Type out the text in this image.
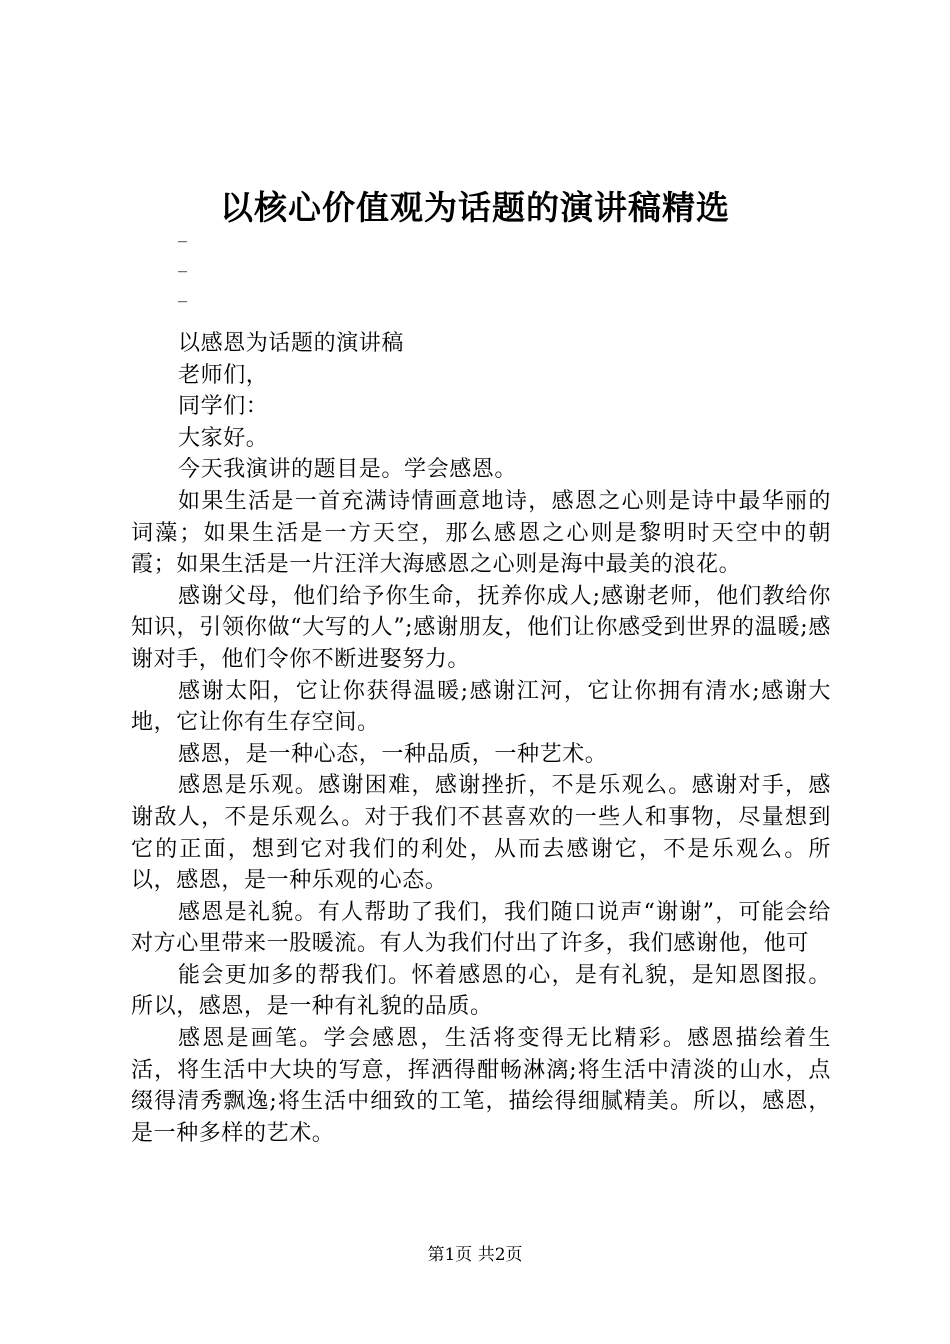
以核心价值观为话题的演讲稿精选
_
_
_

以感恩为话题的演讲稿

老师们，

同学们：

大家好。

今天我演讲的题目是。学会感恩。

如果生活是一首充满诗情画意地诗，感恩之心则是诗中最华丽的词藻；如果生活是一方天空，那么感恩之心则是黎明时天空中的朝霞；如果生活是一片汪洋大海感恩之心则是海中最美的浪花。

感谢父母，他们给予你生命，抚养你成人;感谢老师，他们教给你知识，引领你做“大写的人”;感谢朋友，他们让你感受到世界的温暖;感谢对手，他们令你不断进娶努力。

感谢太阳，它让你获得温暖;感谢江河，它让你拥有清水;感谢大地，它让你有生存空间。

感恩，是一种心态，一种品质，一种艺术。

感恩是乐观。感谢困难，感谢挫折，不是乐观么。感谢对手，感谢敌人，不是乐观么。对于我们不甚喜欢的一些人和事物，尽量想到它的正面，想到它对我们的利处，从而去感谢它，不是乐观么。所以，感恩，是一种乐观的心态。

感恩是礼貌。有人帮助了我们，我们随口说声“谢谢”，可能会给对方心里带来一股暖流。有人为我们付出了许多，我们感谢他，他可

能会更加多的帮我们。怀着感恩的心，是有礼貌，是知恩图报。所以，感恩，是一种有礼貌的品质。

感恩是画笔。学会感恩，生活将变得无比精彩。感恩描绘着生活，将生活中大块的写意，挥洒得酣畅淋漓;将生活中清淡的山水，点缀得清秀飘逸;将生活中细致的工笔，描绘得细腻精美。所以，感恩，是一种多样的艺术。

第1页 共2页
